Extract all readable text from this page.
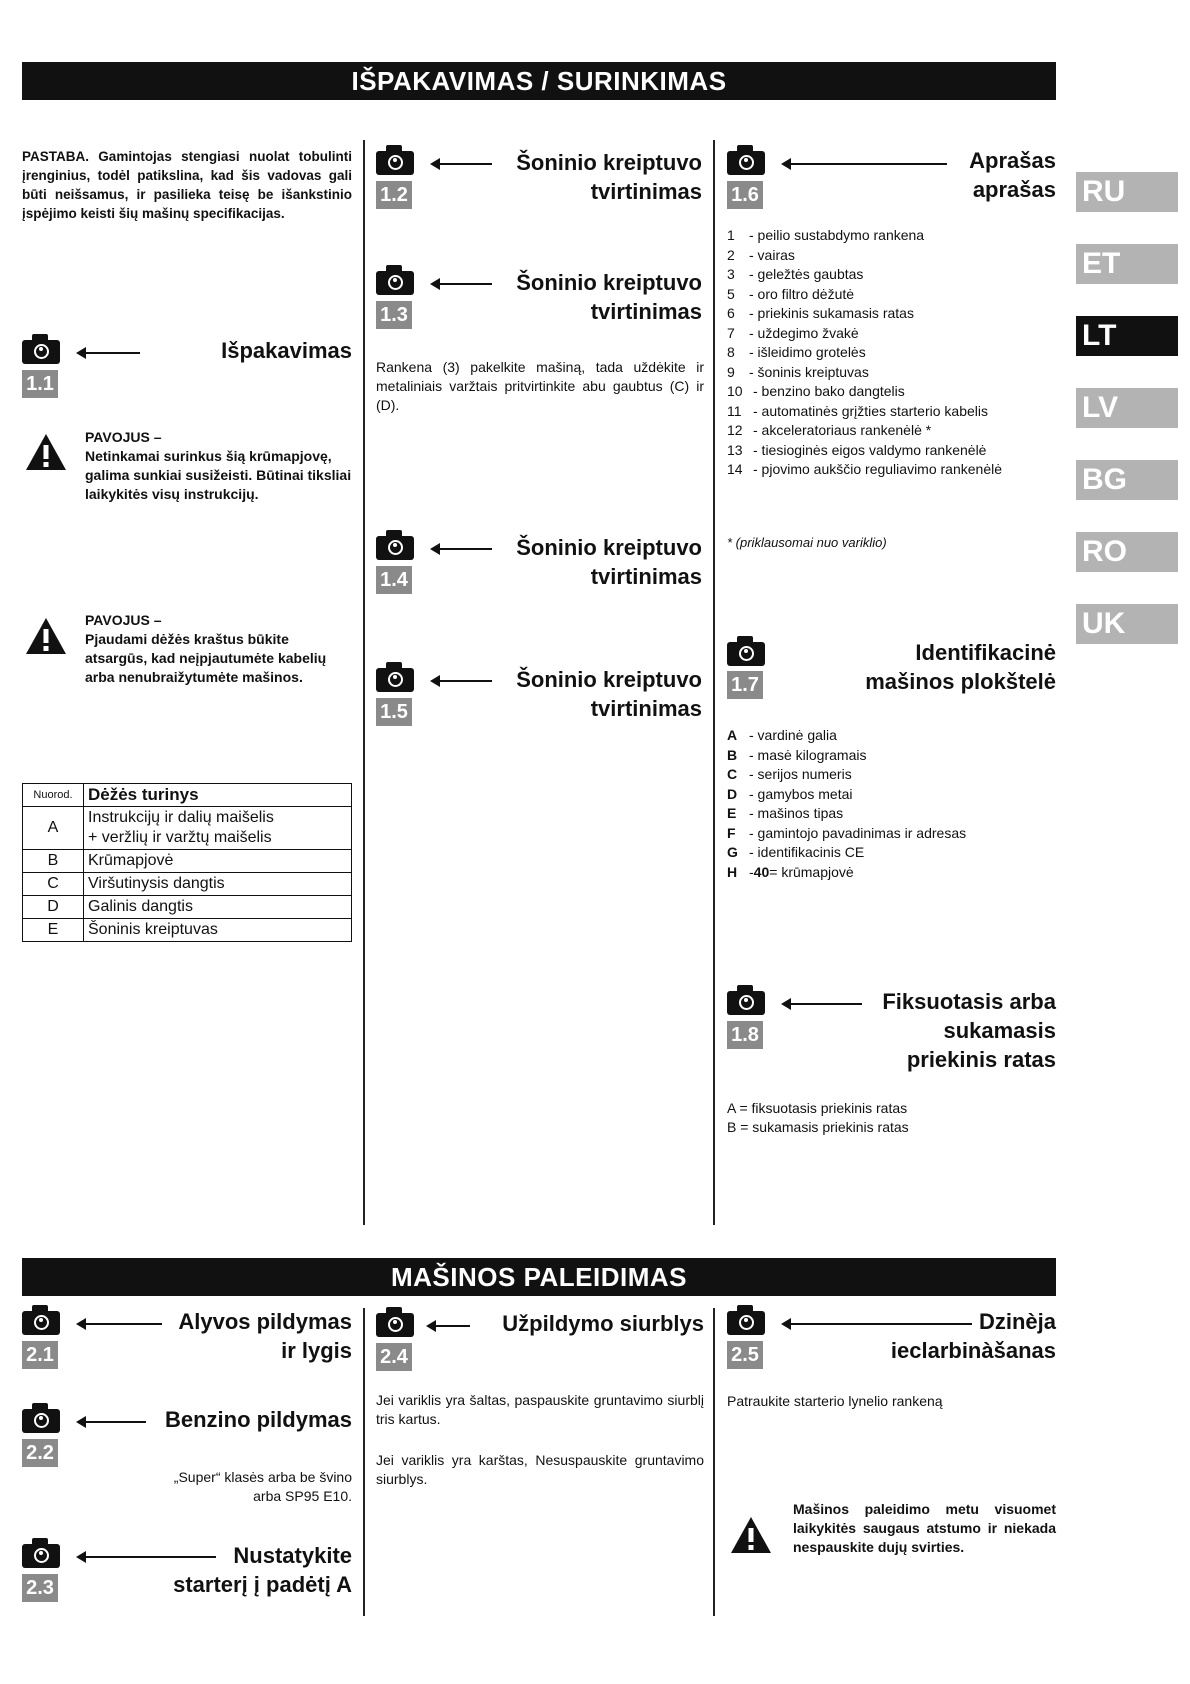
IŠPAKAVIMAS / SURINKIMAS
MAŠINOS PALEIDIMAS
RU
ET
LT
LV
BG
RO
UK
PASTABA. Gamintojas stengiasi nuolat tobulinti įrenginius, todėl patikslina, kad šis vadovas gali būti neišsamus, ir pasilieka teisę be išankstinio įspėjimo keisti šių mašinų specifikacijas.
1.1
Išpakavimas
PAVOJUS –
Netinkamai surinkus šią krūmapjovę, galima sunkiai susižeisti. Būtinai tiksliai laikykitės visų instrukcijų.
PAVOJUS –
Pjaudami dėžės kraštus būkite atsargūs, kad neįpjautumėte kabelių arba nenubraižytumėte mašinos.
Nuorod.	Dėžės turinys
A	Instrukcijų ir dalių maišelis
+ veržlių ir varžtų maišelis

B	Krūmapjovė
C	Viršutinysis dangtis
D	Galinis dangtis
E	Šoninis kreiptuvas
1.2
Šoninio kreiptuvo
tvirtinimas
1.3
Šoninio kreiptuvo
tvirtinimas
Rankena (3) pakelkite mašiną, tada uždėkite ir metaliniais varžtais pritvirtinkite abu gaubtus (C) ir (D).
1.4
Šoninio kreiptuvo
tvirtinimas
1.5
Šoninio kreiptuvo
tvirtinimas
1.6
Aprašas
aprašas
1	- peilio sustabdymo rankena
2	- vairas
3	- geležtės gaubtas
5	- oro filtro dėžutė
6	- priekinis sukamasis ratas
7	- uždegimo žvakė
8	- išleidimo grotelės
9	- šoninis kreiptuvas
10 - benzino bako dangtelis
11 - automatinės grįžties starterio kabelis
12 - akceleratoriaus rankenėlė *
13 - tiesioginės eigos valdymo rankenėlė
14 - pjovimo aukščio reguliavimo rankenėlė
* (priklausomai nuo variklio)
1.7
Identifikacinė
mašinos plokštelė
A - vardinė galia
B - masė kilogramais
C - serijos numeris
D - gamybos metai
E - mašinos tipas
F - gamintojo pavadinimas ir adresas
G - identifikacinis CE
H - 40 = krūmapjovė
1.8
Fiksuotasis arba
sukamasis
priekinis ratas
A = fiksuotasis priekinis ratas
B = sukamasis priekinis ratas
2.1
Alyvos pildymas
ir lygis
2.2
Benzino pildymas
„Super“ klasės arba be švino
arba SP95 E10.
2.3
Nustatykite
starterį į padėtį A
2.4
Užpildymo siurblys
Jei variklis yra šaltas, paspauskite gruntavimo siurblį tris kartus.
Jei variklis yra karštas, Nesuspauskite gruntavimo siurblys.
2.5
Dzinèja
ieclarbinàšanas
Patraukite starterio lynelio rankeną
Mašinos paleidimo metu visuomet laikykitės saugaus atstumo ir niekada nespauskite dujų svirties.
